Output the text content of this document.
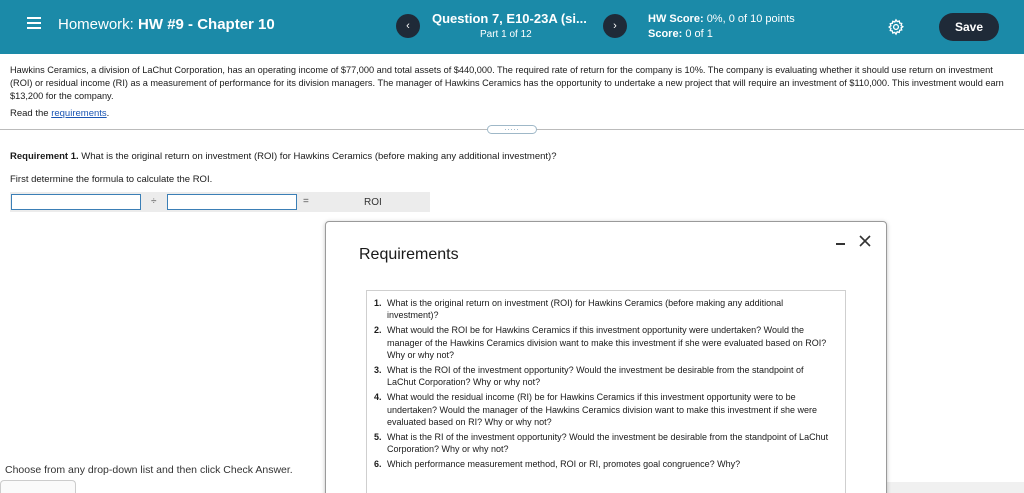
Homework: HW #9 - Chapter 10	‹	Question 7, E10-23A (si...
Part 1 of 12
›
HW Score: 0%, 0 of 10 points
Score: 0 of 1	Save
Hawkins Ceramics, a division of LaChut Corporation, has an operating income of $77,000 and total assets of $440,000. The required rate of return for the company is 10%. The company is evaluating whether it should use return on investment (ROI) or residual income (RI) as a measurement of performance for its division managers. The manager of Hawkins Ceramics has the opportunity to undertake a new project that will require an investment of $110,000. This investment would earn $13,200 for the company.
Read the requirements.
.....
Requirement 1. What is the original return on investment (ROI) for Hawkins Ceramics (before making any additional investment)?
First determine the formula to calculate the ROI.
÷	=	ROI
Choose from any drop-down list and then click Check Answer.
Requirements
1. What is the original return on investment (ROI) for Hawkins Ceramics (before making any additional investment)?
2. What would the ROI be for Hawkins Ceramics if this investment opportunity were undertaken? Would the manager of the Hawkins Ceramics division want to make this investment if she were evaluated based on ROI? Why or why not?
3. What is the ROI of the investment opportunity? Would the investment be desirable from the standpoint of LaChut Corporation? Why or why not?
4. What would the residual income (RI) be for Hawkins Ceramics if this investment opportunity were to be undertaken? Would the manager of the Hawkins Ceramics division want to make this investment if she were evaluated based on RI? Why or why not?
5. What is the RI of the investment opportunity? Would the investment be desirable from the standpoint of LaChut Corporation? Why or why not?
6. Which performance measurement method, ROI or RI, promotes goal congruence? Why?
